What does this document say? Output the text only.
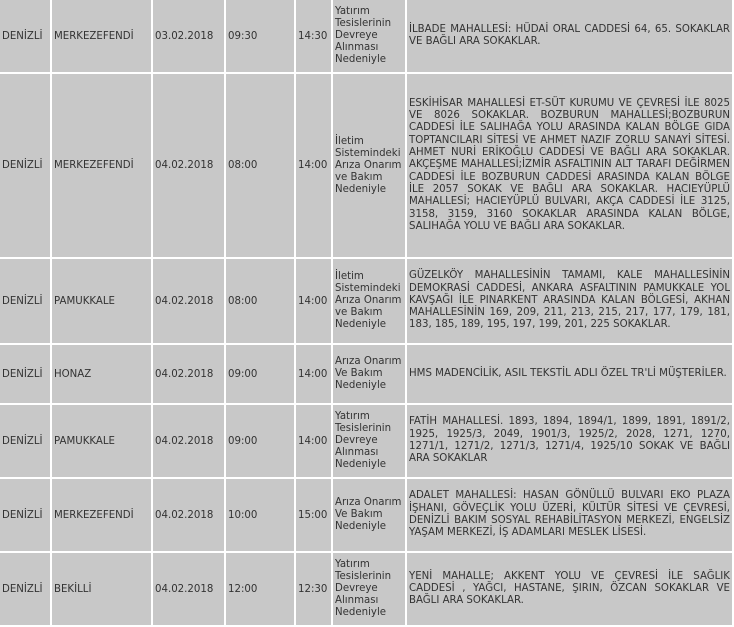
DENİZLİ	MERKEZEFENDİ	03.02.2018	09:30	14:30	Yatırım Tesislerinin Devreye Alınması Nedeniyle	İLBADE MAHALLESİ: HÜDAİ ORAL CADDESİ 64, 65. SOKAKLAR VE BAĞLI ARA SOKAKLAR.
DENİZLİ	MERKEZEFENDİ	04.02.2018	08:00	14:00	İletim Sistemindeki Arıza Onarım ve Bakım Nedeniyle	ESKİHİSAR MAHALLESİ ET-SÜT KURUMU VE ÇEVRESİ İLE 8025 VE 8026 SOKAKLAR. BOZBURUN MAHALLESİ;BOZBURUN CADDESİ İLE SALIHAĞA YOLU ARASINDA KALAN BÖLGE GIDA TOPTANCILARI SİTESİ VE AHMET NAZIF ZORLU SANAYİ SİTESİ. AHMET NURİ ERİKOĞLU CADDESİ VE BAĞLI ARA SOKAKLAR. AKÇEŞME MAHALLESİ;İZMİR ASFALTININ ALT TARAFI DEĞİRMEN CADDESİ İLE BOZBURUN CADDESİ ARASINDA KALAN BÖLGE İLE 2057 SOKAK VE BAĞLI ARA SOKAKLAR. HACIEYÜPLÜ MAHALLESİ; HACIEYÜPLÜ BULVARI, AKÇA CADDESİ İLE 3125, 3158, 3159, 3160 SOKAKLAR ARASINDA KALAN BÖLGE, SALIHAĞA YOLU VE BAĞLI ARA SOKAKLAR.
DENİZLİ	PAMUKKALE	04.02.2018	08:00	14:00	İletim Sistemindeki Arıza Onarım ve Bakım Nedeniyle	GÜZELKÖY MAHALLESİNİN TAMAMI, KALE MAHALLESİNİN DEMOKRASİ CADDESİ, ANKARA ASFALTININ PAMUKKALE YOL KAVŞAĞI İLE PINARKENT ARASINDA KALAN BÖLGESİ, AKHAN MAHALLESİNİN 169, 209, 211, 213, 215, 217, 177, 179, 181, 183, 185, 189, 195, 197, 199, 201, 225 SOKAKLAR.
DENİZLİ	HONAZ	04.02.2018	09:00	14:00	Arıza Onarım Ve Bakım Nedeniyle	HMS MADENCİLİK, ASIL TEKSTİL ADLI ÖZEL TR'Lİ MÜŞTERİLER.
DENİZLİ	PAMUKKALE	04.02.2018	09:00	14:00	Yatırım Tesislerinin Devreye Alınması Nedeniyle	FATİH MAHALLESİ. 1893, 1894, 1894/1, 1899, 1891, 1891/2, 1925, 1925/3, 2049, 1901/3, 1925/2, 2028, 1271, 1270, 1271/1, 1271/2, 1271/3, 1271/4, 1925/10 SOKAK VE BAĞLI ARA SOKAKLAR
DENİZLİ	MERKEZEFENDİ	04.02.2018	10:00	15:00	Arıza Onarım Ve Bakım Nedeniyle	ADALET MAHALLESİ: HASAN GÖNÜLLÜ BULVARI EKO PLAZA İŞHANI, GÖVEÇLİK YOLU ÜZERİ, KÜLTÜR SİTESİ VE ÇEVRESİ, DENİZLİ BAKIM SOSYAL REHABİLİTASYON MERKEZİ, ENGELSİZ YAŞAM MERKEZİ, İŞ ADAMLARI MESLEK LİSESİ.
DENİZLİ	BEKİLLİ	04.02.2018	12:00	12:30	Yatırım Tesislerinin Devreye Alınması Nedeniyle	YENİ MAHALLE; AKKENT YOLU VE ÇEVRESİ İLE SAĞLIK CADDESİ , YAĞCI, HASTANE, ŞIRIN, ÖZCAN SOKAKLAR VE BAĞLI ARA SOKAKLAR.
